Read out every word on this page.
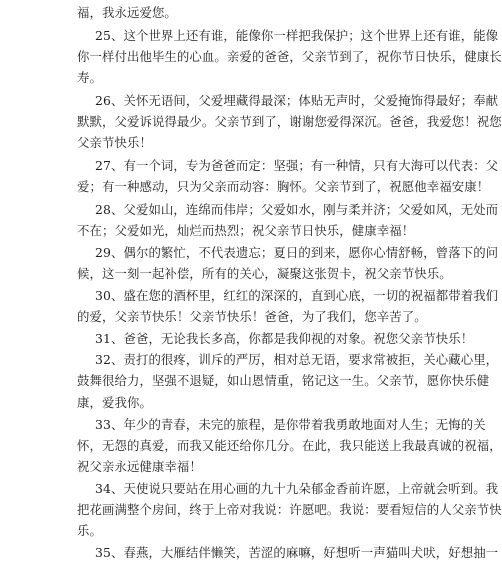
福，我永远爱您。
25、这个世界上还有谁，能像你一样把我保护；这个世界上还有谁，能像
你一样付出他毕生的心血。亲爱的爸爸，父亲节到了，祝你节日快乐，健康长
寿。
26、关怀无语间，父爱埋藏得最深；体贴无声时，父爱掩饰得最好；奉献
默默，父爱诉说得最少。父亲节到了，谢谢您爱得深沉。爸爸，我爱您！祝您
父亲节快乐！
27、有一个词，专为爸爸而定：坚强；有一种情，只有大海可以代表：父
爱；有一种感动，只为父亲而动容：胸怀。父亲节到了，祝愿他幸福安康！
28、父爱如山，连绵而伟岸；父爱如水，刚与柔并济；父爱如风，无处而
不在；父爱如光，灿烂而热烈；祝父亲节日快乐，健康幸福！
29、偶尔的繁忙，不代表遗忘；夏日的到来，愿你心情舒畅，曾落下的问
候，这一刻一起补偿，所有的关心，凝聚这张贺卡，祝父亲节快乐。
30、盛在您的酒杯里，红红的深深的，直到心底，一切的祝福都带着我们
的爱，父亲节快乐！父亲节快乐！爸爸，为了我们，您辛苦了。
31、爸爸，无论我长多高，你都是我仰视的对象。祝您父亲节快乐！
32、责打的很疼，训斥的严厉，相对总无语，要求常被拒，关心藏心里，
鼓舞很给力，坚强不退疑，如山恩情重，铭记这一生。父亲节，愿你快乐健
康，爱我你。
33、年少的青春，未完的旅程，是你带着我勇敢地面对人生；无悔的关
怀，无怨的真爱，而我又能还给你几分。在此，我只能送上我最真诚的祝福，
祝父亲永远健康幸福！
34、天使说只要站在用心画的九十九朵郁金香前许愿，上帝就会听到。我
把花画满整个房间，终于上帝对我说：许愿吧。我说：要看短信的人父亲节快
乐。
35、春燕，大雁结伴懒笑，苦涩的麻嘛，好想听一声猫叫犬吠，好想抽一
